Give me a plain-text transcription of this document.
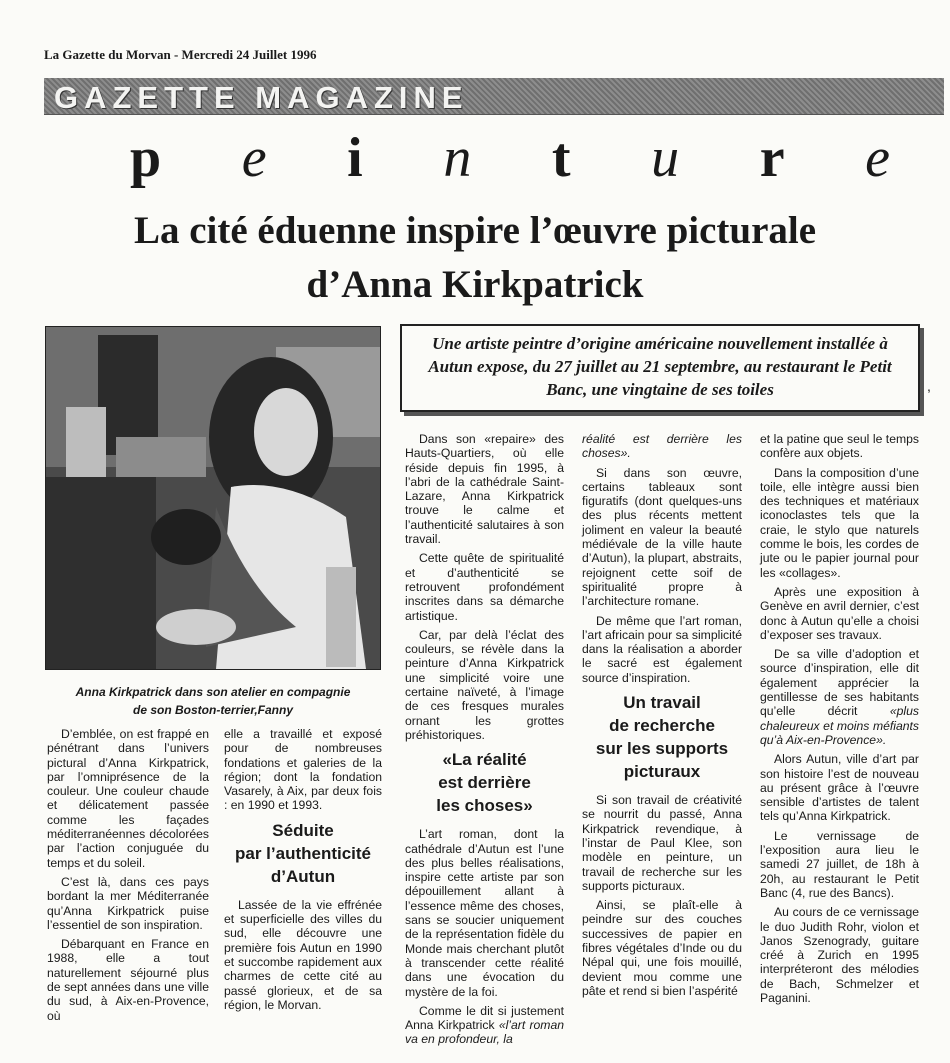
La Gazette du Morvan - Mercredi 24 Juillet 1996
GAZETTE MAGAZINE
p e i n t u r e
La cité éduenne inspire l’œuvre picturale
d’Anna Kirkpatrick
Anna Kirkpatrick dans son atelier en compagnie
de son Boston-terrier,Fanny
Une artiste peintre d’origine américaine nouvellement installée à Autun expose, du 27 juillet au 21 septembre, au restaurant le Petit Banc, une vingtaine de ses toiles	,

D’emblée, on est frappé en pénétrant dans l’univers pictural d’Anna Kirkpatrick, par l’omniprésence de la couleur. Une couleur chaude et délicatement passée comme les façades méditerranéennes décolorées par l’action conjuguée du temps et du soleil.

C’est là, dans ces pays bordant la mer Méditerranée qu’Anna Kirkpatrick puise l’essentiel de son inspiration.

Débarquant en France en 1988, elle a tout naturellement séjourné plus de sept années dans une ville du sud, à Aix-en-Provence, où

elle a travaillé et exposé pour de nombreuses fondations et galeries de la région; dont la fondation Vasarely, à Aix, par deux fois : en 1990 et 1993.

Séduite
par l’authenticité
d’Autun

Lassée de la vie effrénée et superficielle des villes du sud, elle découvre une première fois Autun en 1990 et succombe rapidement aux charmes de cette cité au passé glorieux, et de sa région, le Morvan.

Dans son «repaire» des Hauts-Quartiers, où elle réside depuis fin 1995, à l’abri de la cathédrale Saint-Lazare, Anna Kirkpatrick trouve le calme et l’authenticité salutaires à son travail.

Cette quête de spiritualité et d’authenticité se retrouvent profondément inscrites dans sa démarche artistique.

Car, par delà l’éclat des couleurs, se révèle dans la peinture d’Anna Kirkpatrick une simplicité voire une certaine naïveté, à l’image de ces fresques murales ornant les grottes préhistoriques.

«La réalité
est derrière
les choses»

L’art roman, dont la cathédrale d’Autun est l’une des plus belles réalisations, inspire cette artiste par son dépouillement allant à l’essence même des choses, sans se soucier uniquement de la représentation fidèle du Monde mais cherchant plutôt à transcender cette réalité dans une évocation du mystère de la foi.

Comme le dit si justement Anna Kirkpatrick «l’art roman va en profondeur, la

réalité est derrière les choses».

Si dans son œuvre, certains tableaux sont figuratifs (dont quelques-uns des plus récents mettent joliment en valeur la beauté médiévale de la ville haute d’Autun), la plupart, abstraits, rejoignent cette soif de spiritualité propre à l’architecture romane.

De même que l’art roman, l’art africain pour sa simplicité dans la réalisation a aborder le sacré est également source d’inspiration.

Un travail
de recherche
sur les supports
picturaux

Si son travail de créativité se nourrit du passé, Anna Kirkpatrick revendique, à l’instar de Paul Klee, son modèle en peinture, un travail de recherche sur les supports picturaux.

Ainsi, se plaît-elle à peindre sur des couches successives de papier en fibres végétales d’Inde ou du Népal qui, une fois mouillé, devient mou comme une pâte et rend si bien l’aspérité

et la patine que seul le temps confère aux objets.

Dans la composition d’une toile, elle intègre aussi bien des techniques et matériaux iconoclastes tels que la craie, le stylo que naturels comme le bois, les cordes de jute ou le papier journal pour les «collages».

Après une exposition à Genève en avril dernier, c’est donc à Autun qu’elle a choisi d’exposer ses travaux.

De sa ville d’adoption et source d’inspiration, elle dit également apprécier la gentillesse de ses habitants qu’elle décrit	«plus chaleureux et moins méfiants qu’à Aix-en-Provence».

Alors Autun, ville d’art par son histoire l’est de nouveau au présent grâce à l’œuvre sensible d’artistes de talent tels qu’Anna Kirkpatrick.

Le vernissage de l’exposition aura lieu le samedi 27 juillet, de 18h à 20h, au restaurant le Petit Banc (4, rue des Bancs).

Au cours de ce vernissage le duo Judith Rohr, violon et Janos Szenogrady, guitare créé à Zurich en 1995 interpréteront des mélodies de Bach, Schmelzer et Paganini.
